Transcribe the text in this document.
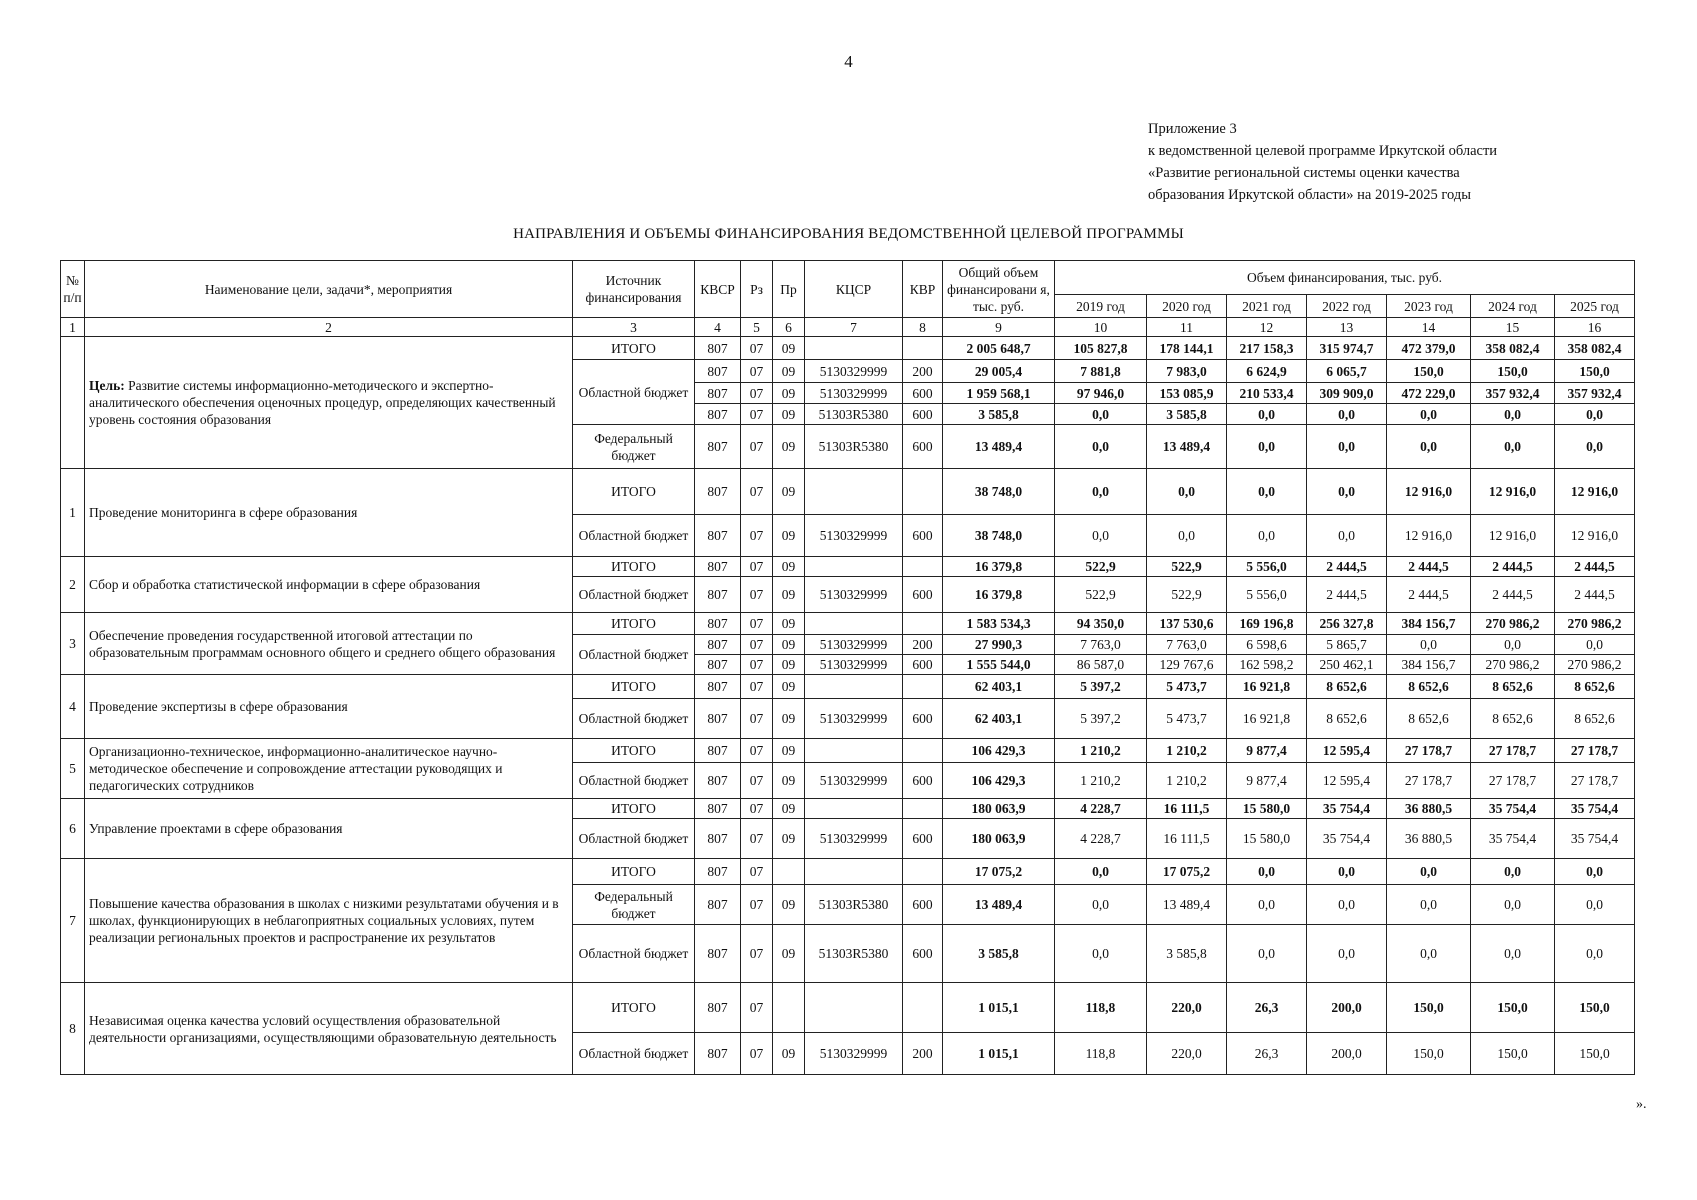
4
Приложение 3
к ведомственной целевой программе Иркутской области
«Развитие региональной системы оценки качества
образования Иркутской области» на 2019-2025 годы
НАПРАВЛЕНИЯ И ОБЪЕМЫ ФИНАНСИРОВАНИЯ ВЕДОМСТВЕННОЙ ЦЕЛЕВОЙ ПРОГРАММЫ
№ п/п	Наименование цели, задачи*, мероприятия	Источник финансирования	КВСР	Рз	Пр	КЦСР	КВР	Общий объем финансировани я, тыс. руб.	Объем финансирования, тыс. руб.						
									2019 год	2020 год	2021 год	2022 год	2023 год	2024 год	2025 год
1	2	3	4	5	6	7	8	9	10	11	12	13	14	15	16
	Цель: Развитие системы информационно-методического и экспертно-аналитического обеспечения оценочных процедур, определяющих качественный уровень состояния образования	ИТОГО	807	07	09			2 005 648,7	105 827,8	178 144,1	217 158,3	315 974,7	472 379,0	358 082,4	358 082,4
		Областной бюджет	807	07	09	5130329999	200	29 005,4	7 881,8	7 983,0	6 624,9	6 065,7	150,0	150,0	150,0
			807	07	09	5130329999	600	1 959 568,1	97 946,0	153 085,9	210 533,4	309 909,0	472 229,0	357 932,4	357 932,4
			807	07	09	51303R5380	600	3 585,8	0,0	3 585,8	0,0	0,0	0,0	0,0	0,0
		Федеральный бюджет	807	07	09	51303R5380	600	13 489,4	0,0	13 489,4	0,0	0,0	0,0	0,0	0,0
1	Проведение мониторинга в сфере образования	ИТОГО	807	07	09			38 748,0	0,0	0,0	0,0	0,0	12 916,0	12 916,0	12 916,0
		Областной бюджет	807	07	09	5130329999	600	38 748,0	0,0	0,0	0,0	0,0	12 916,0	12 916,0	12 916,0
2	Сбор и обработка статистической информации в сфере образования	ИТОГО	807	07	09			16 379,8	522,9	522,9	5 556,0	2 444,5	2 444,5	2 444,5	2 444,5
		Областной бюджет	807	07	09	5130329999	600	16 379,8	522,9	522,9	5 556,0	2 444,5	2 444,5	2 444,5	2 444,5
3	Обеспечение проведения государственной итоговой аттестации по образовательным программам основного общего и среднего общего образования	ИТОГО	807	07	09			1 583 534,3	94 350,0	137 530,6	169 196,8	256 327,8	384 156,7	270 986,2	270 986,2
		Областной бюджет	807	07	09	5130329999	200	27 990,3	7 763,0	7 763,0	6 598,6	5 865,7	0,0	0,0	0,0
			807	07	09	5130329999	600	1 555 544,0	86 587,0	129 767,6	162 598,2	250 462,1	384 156,7	270 986,2	270 986,2
4	Проведение экспертизы в сфере образования	ИТОГО	807	07	09			62 403,1	5 397,2	5 473,7	16 921,8	8 652,6	8 652,6	8 652,6	8 652,6
		Областной бюджет	807	07	09	5130329999	600	62 403,1	5 397,2	5 473,7	16 921,8	8 652,6	8 652,6	8 652,6	8 652,6
5	Организационно-техническое, информационно-аналитическое научно-методическое обеспечение и сопровождение аттестации руководящих и педагогических сотрудников	ИТОГО	807	07	09			106 429,3	1 210,2	1 210,2	9 877,4	12 595,4	27 178,7	27 178,7	27 178,7
		Областной бюджет	807	07	09	5130329999	600	106 429,3	1 210,2	1 210,2	9 877,4	12 595,4	27 178,7	27 178,7	27 178,7
6	Управление проектами в сфере образования	ИТОГО	807	07	09			180 063,9	4 228,7	16 111,5	15 580,0	35 754,4	36 880,5	35 754,4	35 754,4
		Областной бюджет	807	07	09	5130329999	600	180 063,9	4 228,7	16 111,5	15 580,0	35 754,4	36 880,5	35 754,4	35 754,4
7	Повышение качества образования в школах с низкими результатами обучения и в школах, функционирующих в неблагоприятных социальных условиях, путем реализации региональных проектов и распространение их результатов	ИТОГО	807	07				17 075,2	0,0	17 075,2	0,0	0,0	0,0	0,0	0,0
		Федеральный бюджет	807	07	09	51303R5380	600	13 489,4	0,0	13 489,4	0,0	0,0	0,0	0,0	0,0
		Областной бюджет	807	07	09	51303R5380	600	3 585,8	0,0	3 585,8	0,0	0,0	0,0	0,0	0,0
8	Независимая оценка качества условий осуществления образовательной деятельности организациями, осуществляющими образовательную деятельность	ИТОГО	807	07				1 015,1	118,8	220,0	26,3	200,0	150,0	150,0	150,0
		Областной бюджет	807	07	09	5130329999	200	1 015,1	118,8	220,0	26,3	200,0	150,0	150,0	150,0
».
